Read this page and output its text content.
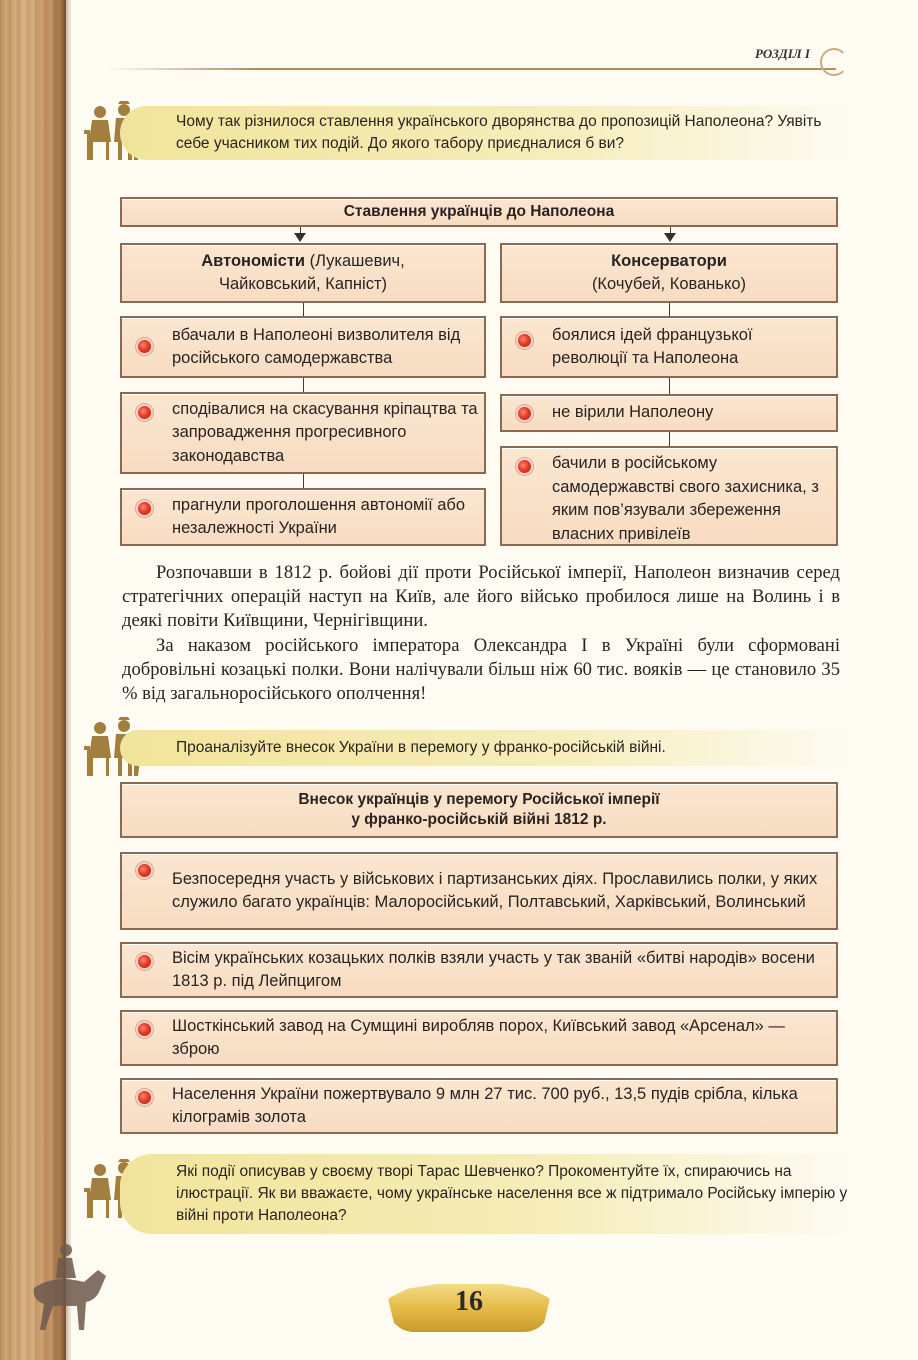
РОЗДІЛ I
Чому так різнилося ставлення українського дворянства до пропозицій Наполеона? Уявіть себе учасником тих подій. До якого табору приєдналися б ви?
Ставлення українців до Наполеона
Автономісти (Лукашевич,
Чайковський, Капніст)
вбачали в Наполеоні визволителя від російського самодержавства
сподівалися на скасування кріпацтва та запровадження прогресивного законодавства
прагнули проголошення автономії або незалежності України
Консерватори
(Кочубей, Кованько)
боялися ідей французької революції та Наполеона
не вірили Наполеону
бачили в російському самодержавстві свого захисника, з яким пов’язували збереження власних привілеїв

Розпочавши в 1812 р. бойові дії проти Російської імперії, Наполеон визначив серед стратегічних операцій наступ на Київ, але його військо пробилося лише на Волинь і в деякі повіти Київщини, Чернігівщини.

За наказом російського імператора Олександра I в Україні були сформовані добровільні козацькі полки. Вони налічували більш ніж 60 тис. вояків — це становило 35 % від загальноросійського ополчення!

Проаналізуйте внесок України в перемогу у франко-російській війні.
Внесок українців у перемогу Російської імперії
у франко-російській війні 1812 р.
Безпосередня участь у військових і партизанських діях. Прославились полки, у яких служило багато українців: Малоросійський, Полтавський, Харківський, Волинський
Вісім українських козацьких полків взяли участь у так званій «битві народів» восени 1813 р. під Лейпцигом
Шосткінський завод на Сумщині виробляв порох, Київський завод «Арсенал» — зброю
Населення України пожертвувало 9 млн 27 тис. 700 руб., 13,5 пудів срібла, кілька кілограмів золота
Які події описував у своєму творі Тарас Шевченко? Прокоментуйте їх, спираючись на ілюстрації. Як ви вважаєте, чому українське населення все ж підтримало Російську імперію у війні проти Наполеона?
16
